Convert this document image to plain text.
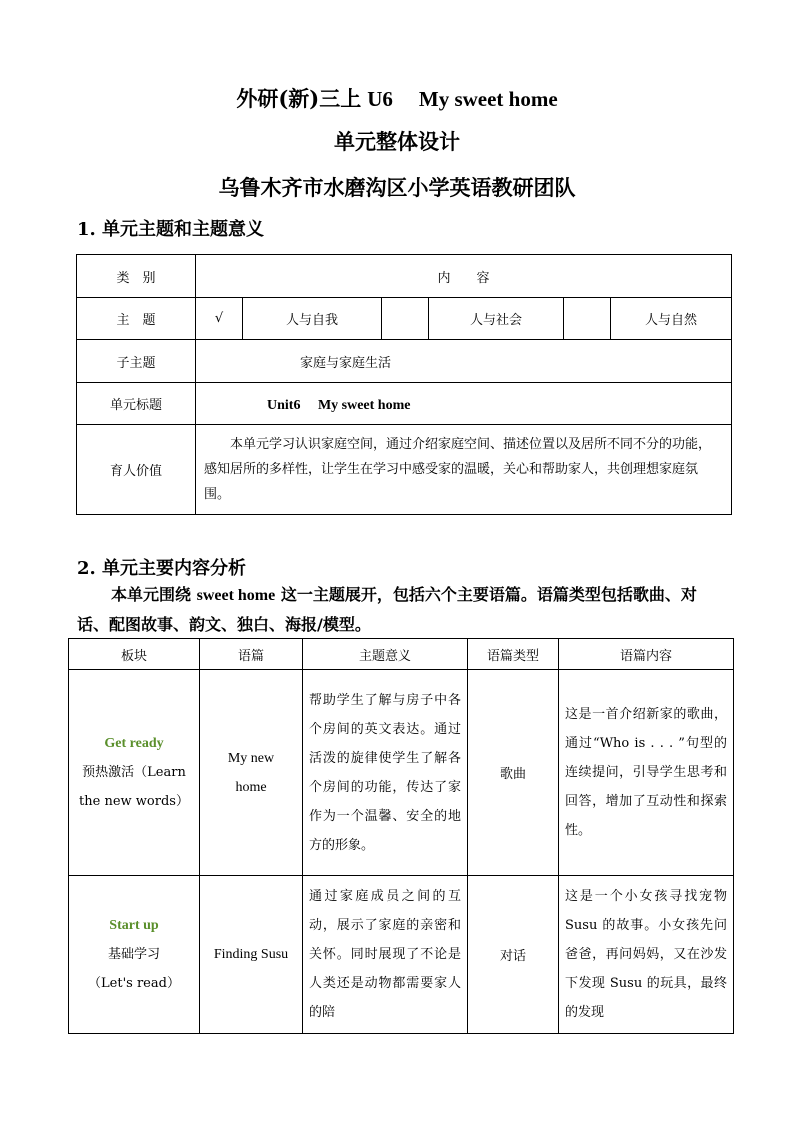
外研(新)三上 U6 My sweet home
单元整体设计
乌鲁木齐市水磨沟区小学英语教研团队
1. 单元主题和主题意义
类　别	内　　容					
主　题	√	人与自我		人与社会		人与自然
子主题	家庭与家庭生活					
单元标题	Unit6　 My sweet home					
育人价值	本单元学习认识家庭空间，通过介绍家庭空间、描述位置以及居所不同不分的功能，感知居所的多样性，让学生在学习中感受家的温暖，关心和帮助家人，共创理想家庭氛围。					
2. 单元主要内容分析
本单元围绕 sweet home 这一主题展开，包括六个主要语篇。语篇类型包括歌曲、对话、配图故事、韵文、独白、海报/模型。
板块	语篇	主题意义	语篇类型	语篇内容

Get ready
预热激活（Learn the new words）	My new home	帮助学生了解与房子中各个房间的英文表达。通过活泼的旋律使学生了解各个房间的功能，传达了家作为一个温馨、安全的地方的形象。	歌曲	这是一首介绍新家的歌曲，通过“Who is . . . ”句型的连续提问，引导学生思考和回答，增加了互动性和探索性。

Start up
基础学习
（Let's read）	Finding Susu	通过家庭成员之间的互动，展示了家庭的亲密和关怀。同时展现了不论是人类还是动物都需要家人的陪	对话	这是一个小女孩寻找宠物 Susu 的故事。小女孩先问爸爸，再问妈妈，又在沙发下发现 Susu 的玩具，最终的发现
